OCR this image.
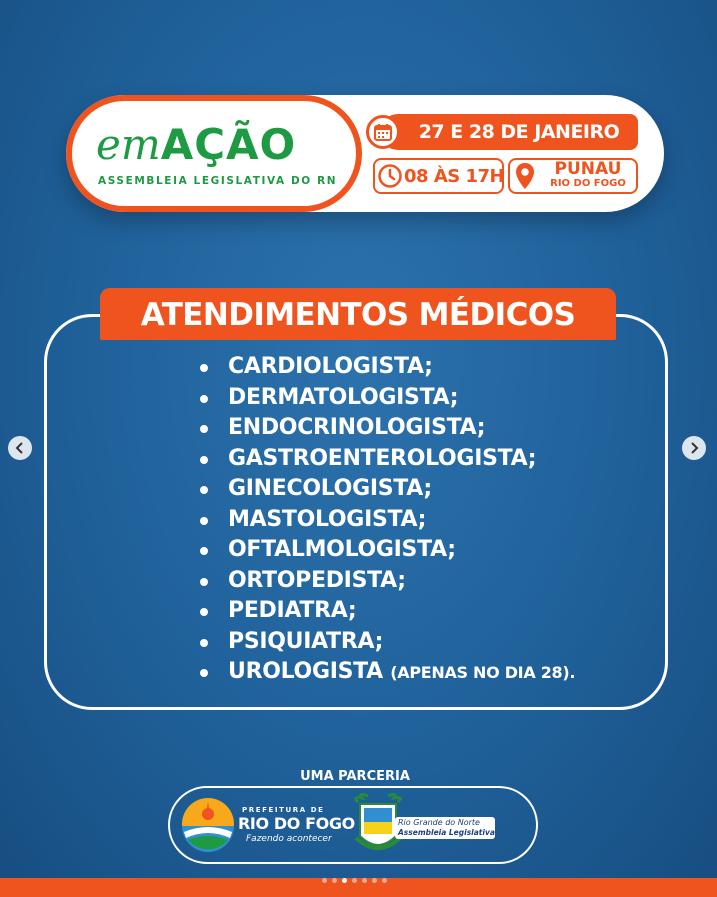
emAÇÃO
ASSEMBLEIA LEGISLATIVA DO RN
27 E 28 DE JANEIRO
08 ÀS 17H	PUNAÚ
RIO DO FOGO
ATENDIMENTOS MÉDICOS
CARDIOLOGISTA;
DERMATOLOGISTA;
ENDOCRINOLOGISTA;
GASTROENTEROLOGISTA;
GINECOLOGISTA;
MASTOLOGISTA;
OFTALMOLOGISTA;
ORTOPEDISTA;
PEDIATRA;
PSIQUIATRA;
UROLOGISTA (APENAS NO DIA 28).
UMA PARCERIA
PREFEITURA DE
RIO DO FOGO
Fazendo acontecer
Rio Grande do Norte
Assembleia Legislativa
